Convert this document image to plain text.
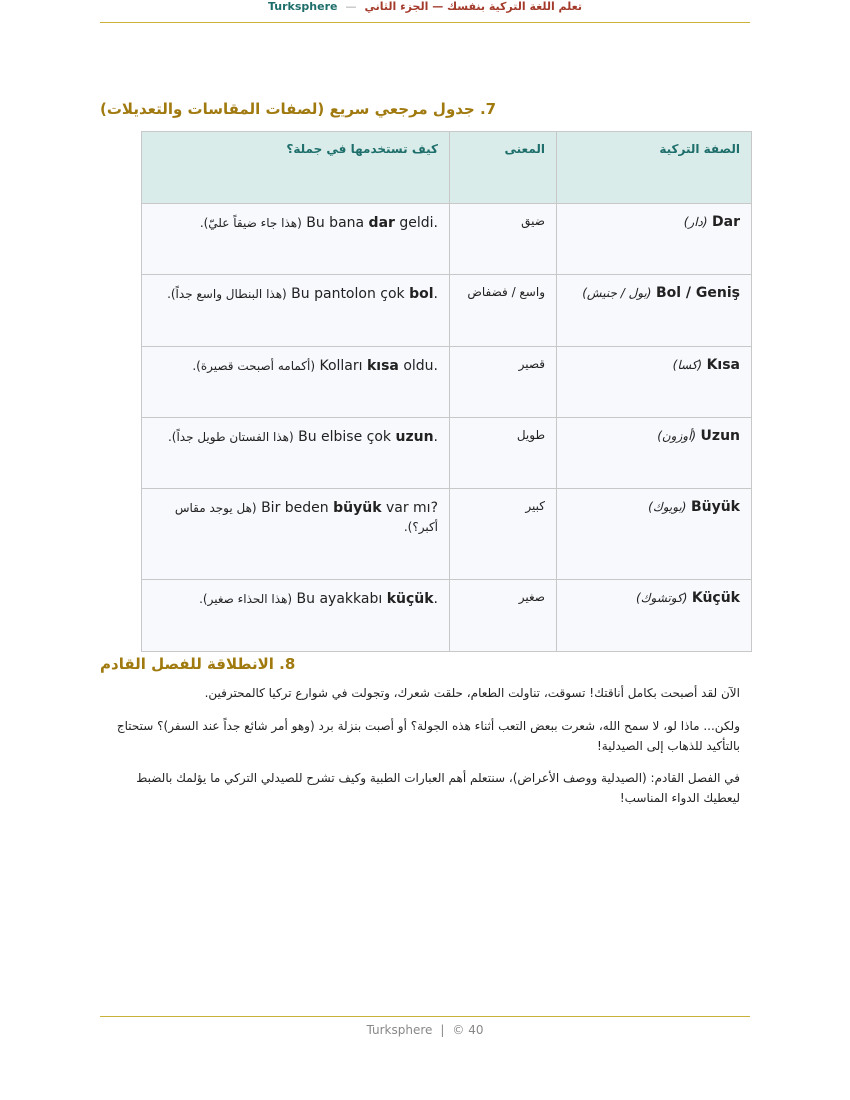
Turksphere — تعلم اللغة التركية بنفسك — الجزء الثاني
7. جدول مرجعي سريع (لصفات المقاسات والتعديلات)
الصفة التركية	المعنى	كيف تستخدمها في جملة؟
Dar (دار)	ضيق	Bu bana dar geldi. (هذا جاء ضيقاً عليّ).
Bol / Geniş (بول / جنيش)	واسع / فضفاض	Bu pantolon çok bol. (هذا البنطال واسع جداً).
Kısa (كسا)	قصير	Kolları kısa oldu. (أكمامه أصبحت قصيرة).
Uzun (أوزون)	طويل	Bu elbise çok uzun. (هذا الفستان طويل جداً).
Büyük (بويوك)	كبير	Bir beden büyük var mı? (هل يوجد مقاس أكبر؟).
Küçük (كوتشوك)	صغير	Bu ayakkabı küçük. (هذا الحذاء صغير).
8. الانطلاقة للفصل القادم

الآن لقد أصبحت بكامل أناقتك! تسوقت، تناولت الطعام، حلقت شعرك، وتجولت في شوارع تركيا كالمحترفين.

ولكن... ماذا لو، لا سمح الله، شعرت ببعض التعب أثناء هذه الجولة؟ أو أصبت بنزلة برد (وهو أمر شائع جداً عند السفر)؟ ستحتاج بالتأكيد للذهاب إلى الصيدلية!

في الفصل القادم: (الصيدلية ووصف الأعراض)، سنتعلم أهم العبارات الطبية وكيف تشرح للصيدلي التركي ما يؤلمك بالضبط ليعطيك الدواء المناسب!

Turksphere | © 40
